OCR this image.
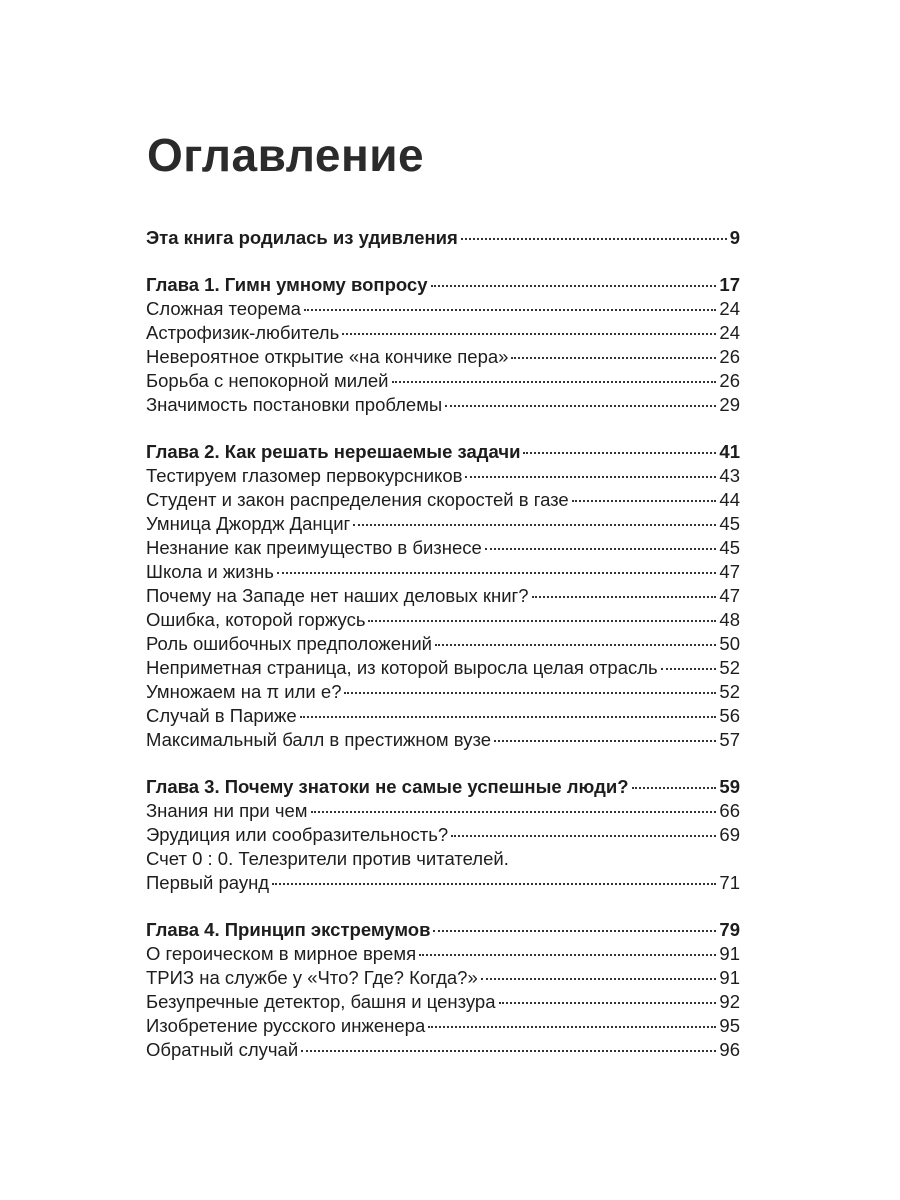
Оглавление
Эта книга родилась из удивления	9
Глава 1. Гимн умному вопросу	17
Сложная теорема	24
Астрофизик-любитель	24
Невероятное открытие «на кончике пера»	26
Борьба с непокорной милей	26
Значимость постановки проблемы	29
Глава 2. Как решать нерешаемые задачи	41
Тестируем глазомер первокурсников	43
Студент и закон распределения скоростей в газе	44
Умница Джордж Данциг	45
Незнание как преимущество в бизнесе	45
Школа и жизнь	47
Почему на Западе нет наших деловых книг?	47
Ошибка, которой горжусь	48
Роль ошибочных предположений	50
Неприметная страница, из которой выросла целая отрасль	52
Умножаем на π или e?	52
Случай в Париже	56
Максимальный балл в престижном вузе	57
Глава 3. Почему знатоки не самые успешные люди?	59
Знания ни при чем	66
Эрудиция или сообразительность?	69
Счет 0 : 0. Телезрители против читателей.
Первый раунд	71
Глава 4. Принцип экстремумов	79
О героическом в мирное время	91
ТРИЗ на службе у «Что? Где? Когда?»	91
Безупречные детектор, башня и цензура	92
Изобретение русского инженера	95
Обратный случай	96
